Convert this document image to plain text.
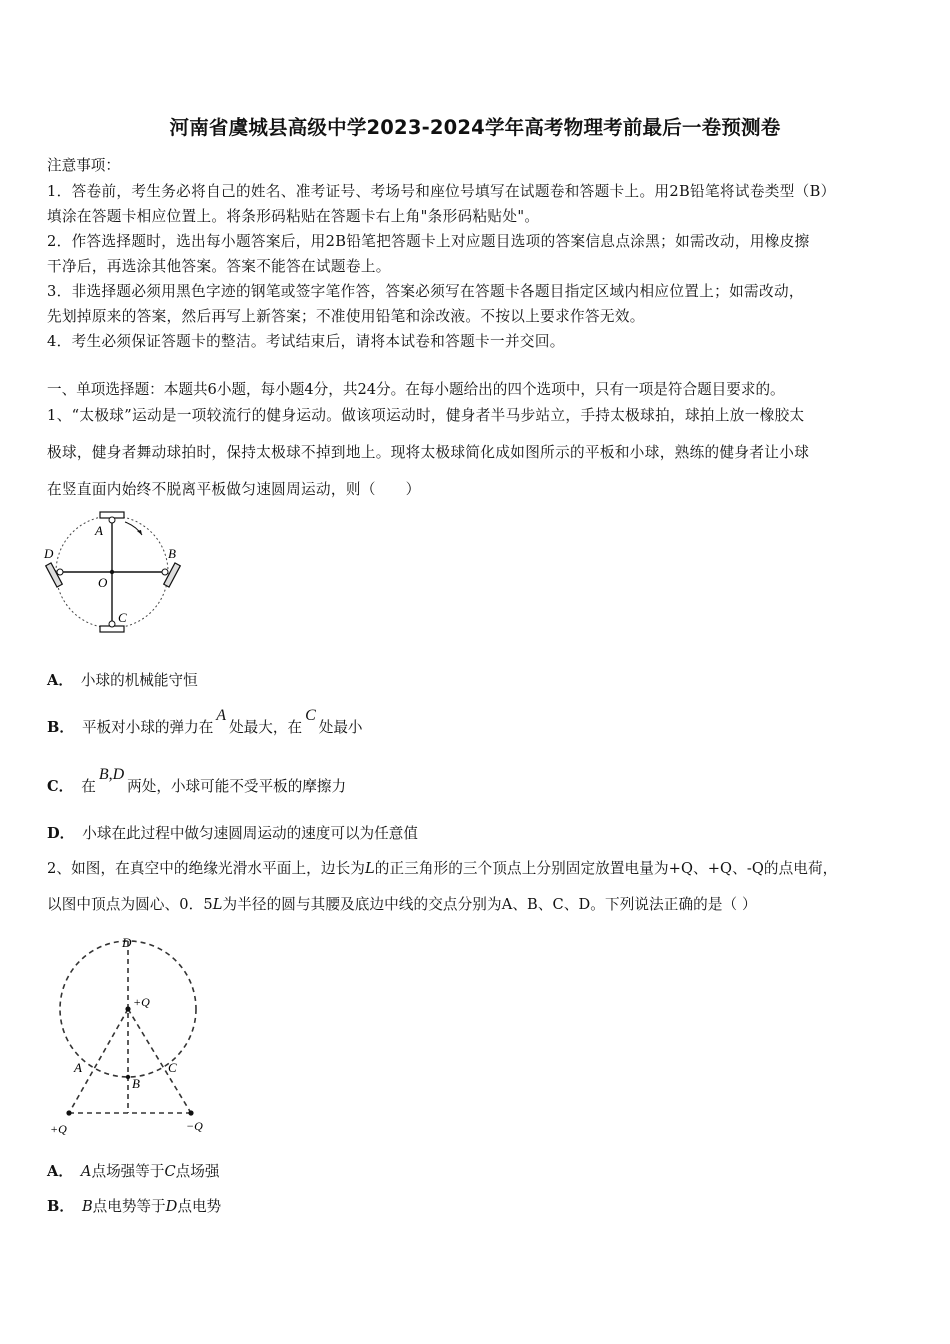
河南省虞城县高级中学2023-2024学年高考物理考前最后一卷预测卷
注意事项：
1．答卷前，考生务必将自己的姓名、准考证号、考场号和座位号填写在试题卷和答题卡上。用2B铅笔将试卷类型（B）
填涂在答题卡相应位置上。将条形码粘贴在答题卡右上角"条形码粘贴处"。
2．作答选择题时，选出每小题答案后，用2B铅笔把答题卡上对应题目选项的答案信息点涂黑；如需改动，用橡皮擦
干净后，再选涂其他答案。答案不能答在试题卷上。
3．非选择题必须用黑色字迹的钢笔或签字笔作答，答案必须写在答题卡各题目指定区域内相应位置上；如需改动，
先划掉原来的答案，然后再写上新答案；不准使用铅笔和涂改液。不按以上要求作答无效。
4．考生必须保证答题卡的整洁。考试结束后，请将本试卷和答题卡一并交回。
一、单项选择题：本题共6小题，每小题4分，共24分。在每小题给出的四个选项中，只有一项是符合题目要求的。
1、“太极球”运动是一项较流行的健身运动。做该项运动时，健身者半马步站立，手持太极球拍，球拍上放一橡胶太
极球，健身者舞动球拍时，保持太极球不掉到地上。现将太极球简化成如图所示的平板和小球，熟练的健身者让小球
在竖直面内始终不脱离平板做匀速圆周运动，则（　　）
A
B
C
D
O
A． 小球的机械能守恒
B． 平板对小球的弹力在A处最大，在C处最小
C． 在B,D两处，小球可能不受平板的摩擦力
D． 小球在此过程中做匀速圆周运动的速度可以为任意值
2、如图，在真空中的绝缘光滑水平面上，边长为L的正三角形的三个顶点上分别固定放置电量为+Q、+Q、-Q的点电荷，
以图中顶点为圆心、0．5L为半径的圆与其腰及底边中线的交点分别为A、B、C、D。下列说法正确的是（ ）
D
+Q
A
B
C
+Q	−Q
A． A点场强等于C点场强
B． B点电势等于D点电势
